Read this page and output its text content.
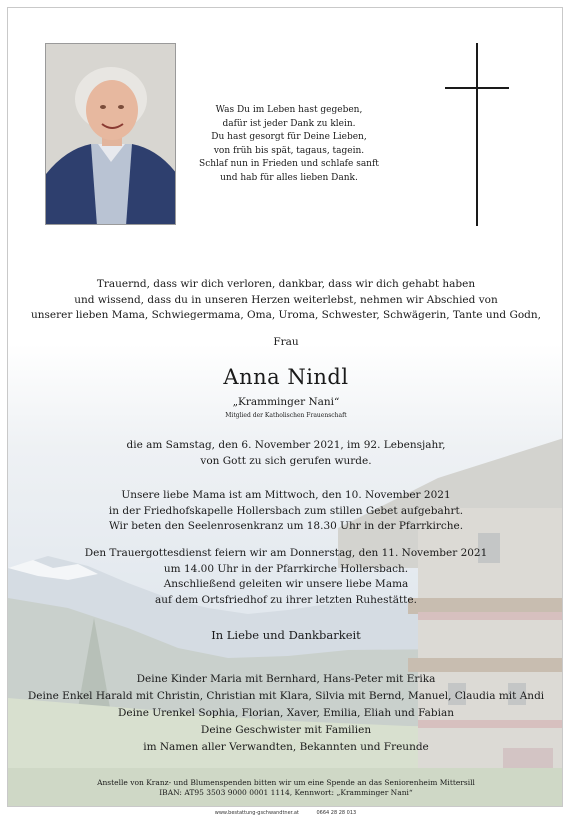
Was Du im Leben hast gegeben,
dafür ist jeder Dank zu klein.
Du hast gesorgt für Deine Lieben,
von früh bis spät, tagaus, tagein.
Schlaf nun in Frieden und schlafe sanft
und hab für alles lieben Dank.
Trauernd, dass wir dich verloren, dankbar, dass wir dich gehabt haben
und wissend, dass du in unseren Herzen weiterlebst, nehmen wir Abschied von
unserer lieben Mama, Schwiegermama, Oma, Uroma, Schwester, Schwägerin, Tante und Godn,
Frau
Anna Nindl
„Kramminger Nani“
Mitglied der Katholischen Frauenschaft
die am Samstag, den 6. November 2021, im 92. Lebensjahr,
von Gott zu sich gerufen wurde.
Unsere liebe Mama ist am Mittwoch, den 10. November 2021
in der Friedhofskapelle Hollersbach zum stillen Gebet aufgebahrt.
Wir beten den Seelenrosenkranz um 18.30 Uhr in der Pfarrkirche.
Den Trauergottesdienst feiern wir am Donnerstag, den 11. November 2021
um 14.00 Uhr in der Pfarrkirche Hollersbach.
Anschließend geleiten wir unsere liebe Mama
auf dem Ortsfriedhof zu ihrer letzten Ruhestätte.
In Liebe und Dankbarkeit
Deine Kinder Maria mit Bernhard, Hans-Peter mit Erika
Deine Enkel Harald mit Christin, Christian mit Klara, Silvia mit Bernd, Manuel, Claudia mit Andi
Deine Urenkel Sophia, Florian, Xaver, Emilia, Eliah und Fabian
Deine Geschwister mit Familien
im Namen aller Verwandten, Bekannten und Freunde
Anstelle von Kranz- und Blumenspenden bitten wir um eine Spende an das Seniorenheim Mittersill
IBAN: AT95 3503 9000 0001 1114, Kennwort: „Kramminger Nani“
www.bestattung-gschwandtner.at	0664 28 28 013
